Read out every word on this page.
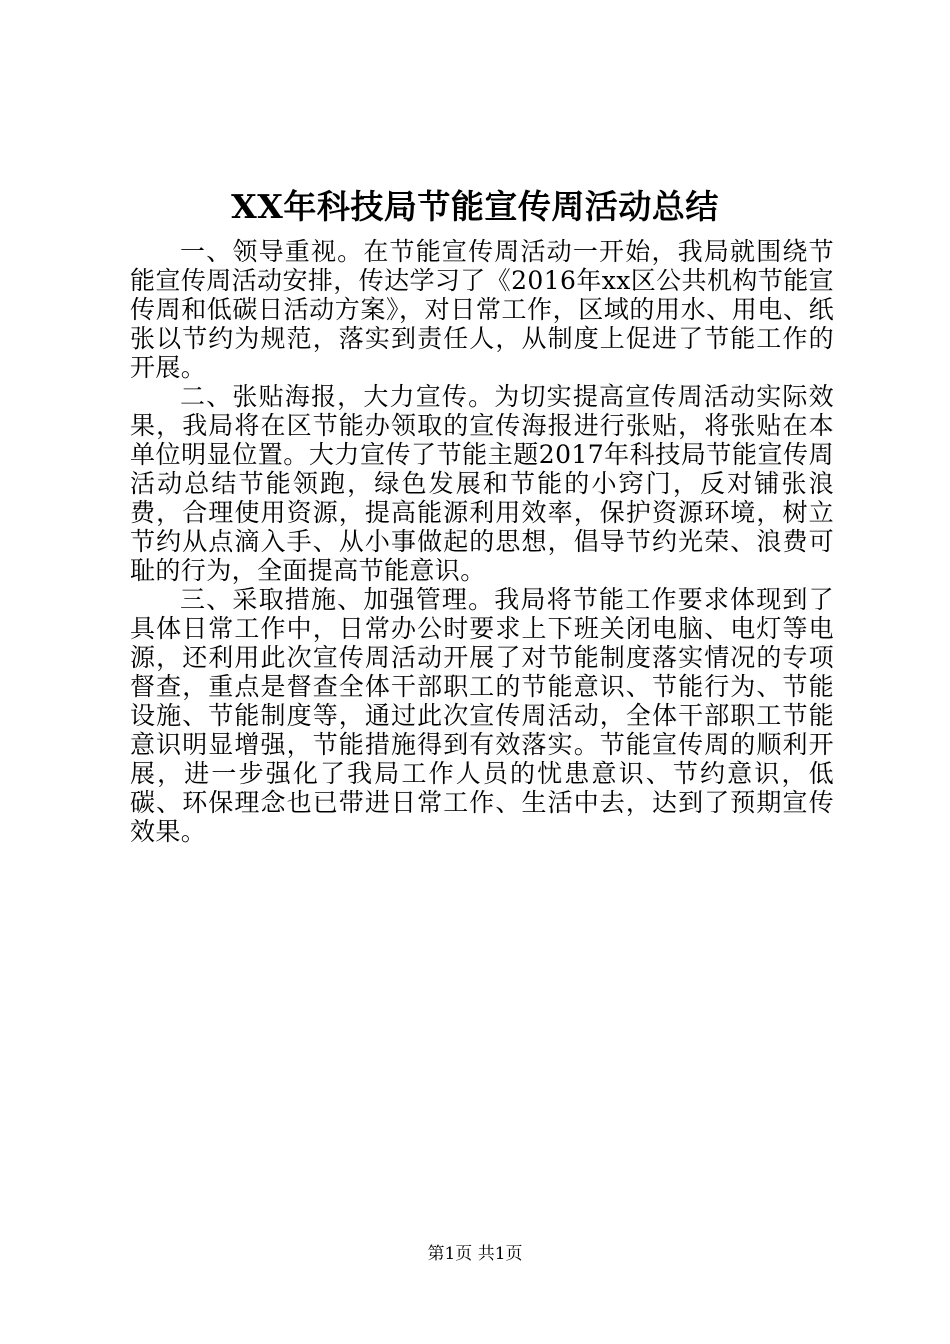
XX年科技局节能宣传周活动总结

一、领导重视。在节能宣传周活动一开始，我局就围绕节能宣传周活动安排，传达学习了《2016年xx区公共机构节能宣传周和低碳日活动方案》，对日常工作，区域的用水、用电、纸张以节约为规范，落实到责任人，从制度上促进了节能工作的开展。

二、张贴海报，大力宣传。为切实提高宣传周活动实际效果，我局将在区节能办领取的宣传海报进行张贴，将张贴在本单位明显位置。大力宣传了节能主题2017年科技局节能宣传周活动总结节能领跑，绿色发展和节能的小窍门，反对铺张浪费，合理使用资源，提高能源利用效率，保护资源环境，树立节约从点滴入手、从小事做起的思想，倡导节约光荣、浪费可耻的行为，全面提高节能意识。

三、采取措施、加强管理。我局将节能工作要求体现到了具体日常工作中，日常办公时要求上下班关闭电脑、电灯等电源，还利用此次宣传周活动开展了对节能制度落实情况的专项督查，重点是督查全体干部职工的节能意识、节能行为、节能设施、节能制度等，通过此次宣传周活动，全体干部职工节能意识明显增强，节能措施得到有效落实。节能宣传周的顺利开展，进一步强化了我局工作人员的忧患意识、节约意识，低碳、环保理念也已带进日常工作、生活中去，达到了预期宣传效果。

第1页 共1页
